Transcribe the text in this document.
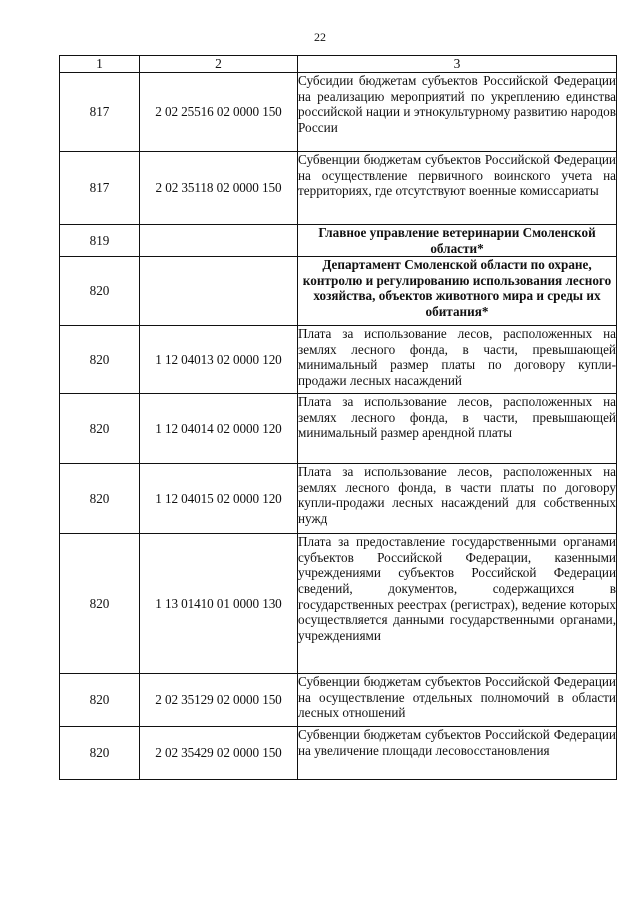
22
1	2	3
817	2 02 25516 02 0000 150	Субсидии бюджетам субъектов Российской Федерации на реализацию мероприятий по укреплению единства российской нации и этнокультурному развитию народов России
817	2 02 35118 02 0000 150	Субвенции бюджетам субъектов Российской Федерации на осуществление первичного воинского учета на территориях, где отсутствуют военные комиссариаты
819		Главное управление ветеринарии Смоленской области*
820		Департамент Смоленской области по охране, контролю и регулированию использования лесного хозяйства, объектов животного мира и среды их обитания*
820	1 12 04013 02 0000 120	Плата за использование лесов, расположенных на землях лесного фонда, в части, превышающей минимальный размер платы по договору купли-продажи лесных насаждений
820	1 12 04014 02 0000 120	Плата за использование лесов, расположенных на землях лесного фонда, в части, превышающей минимальный размер арендной платы
820	1 12 04015 02 0000 120	Плата за использование лесов, расположенных на землях лесного фонда, в части платы по договору купли-продажи лесных насаждений для собственных нужд
820	1 13 01410 01 0000 130	Плата за предоставление государственными органами субъектов Российской Федерации, казенными учреждениями субъектов Российской Федерации сведений, документов, содержащихся в государственных реестрах (регистрах), ведение которых осуществляется данными государственными органами, учреждениями
820	2 02 35129 02 0000 150	Субвенции бюджетам субъектов Российской Федерации на осуществление отдельных полномочий в области лесных отношений
820	2 02 35429 02 0000 150	Субвенции бюджетам субъектов Российской Федерации на увеличение площади лесовосстановления
